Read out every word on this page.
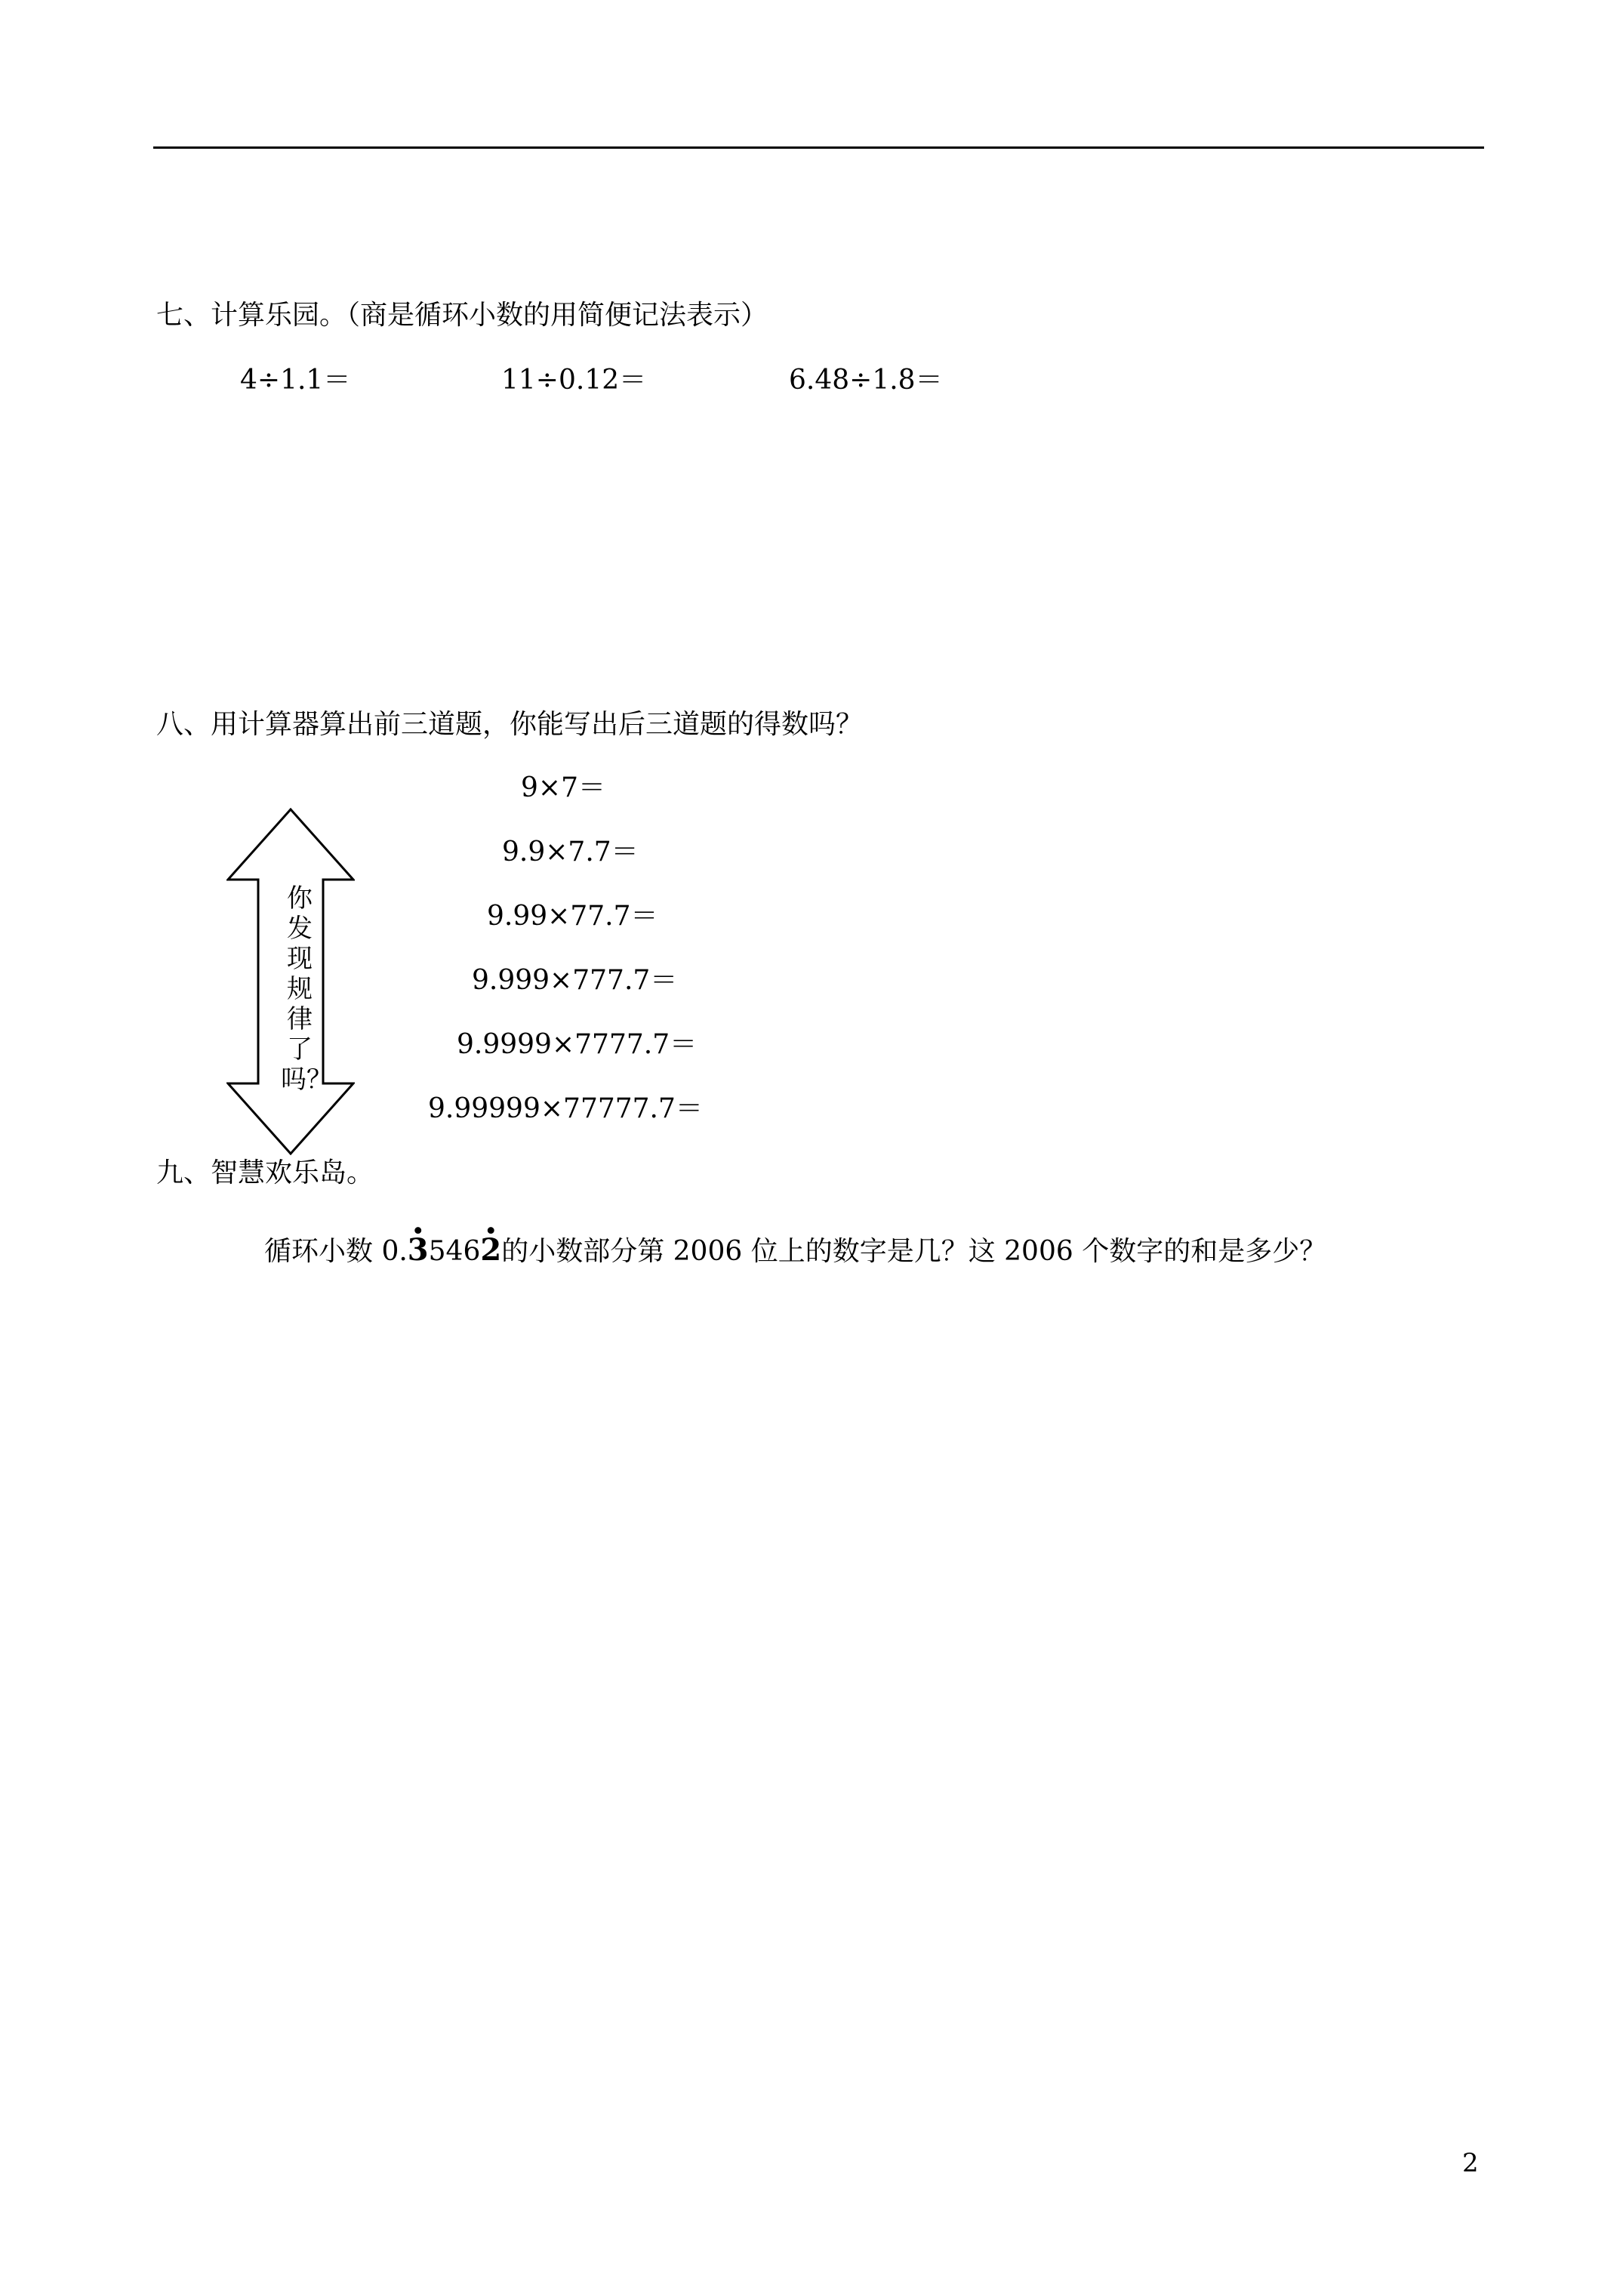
七、计算乐园。（商是循环小数的用简便记法表示）
4÷1.1＝	11÷0.12＝	6.48÷1.8＝
八、用计算器算出前三道题，你能写出后三道题的得数吗？
9×7＝
9.9×7.7＝
9.99×77.7＝
9.999×777.7＝
9.9999×7777.7＝
9.99999×77777.7＝
你发现规律了吗？
九、智慧欢乐岛。
循环小数 0.· 3546· 2的小数部分第 2006 位上的数字是几？这 2006 个数字的和是多少？
2
